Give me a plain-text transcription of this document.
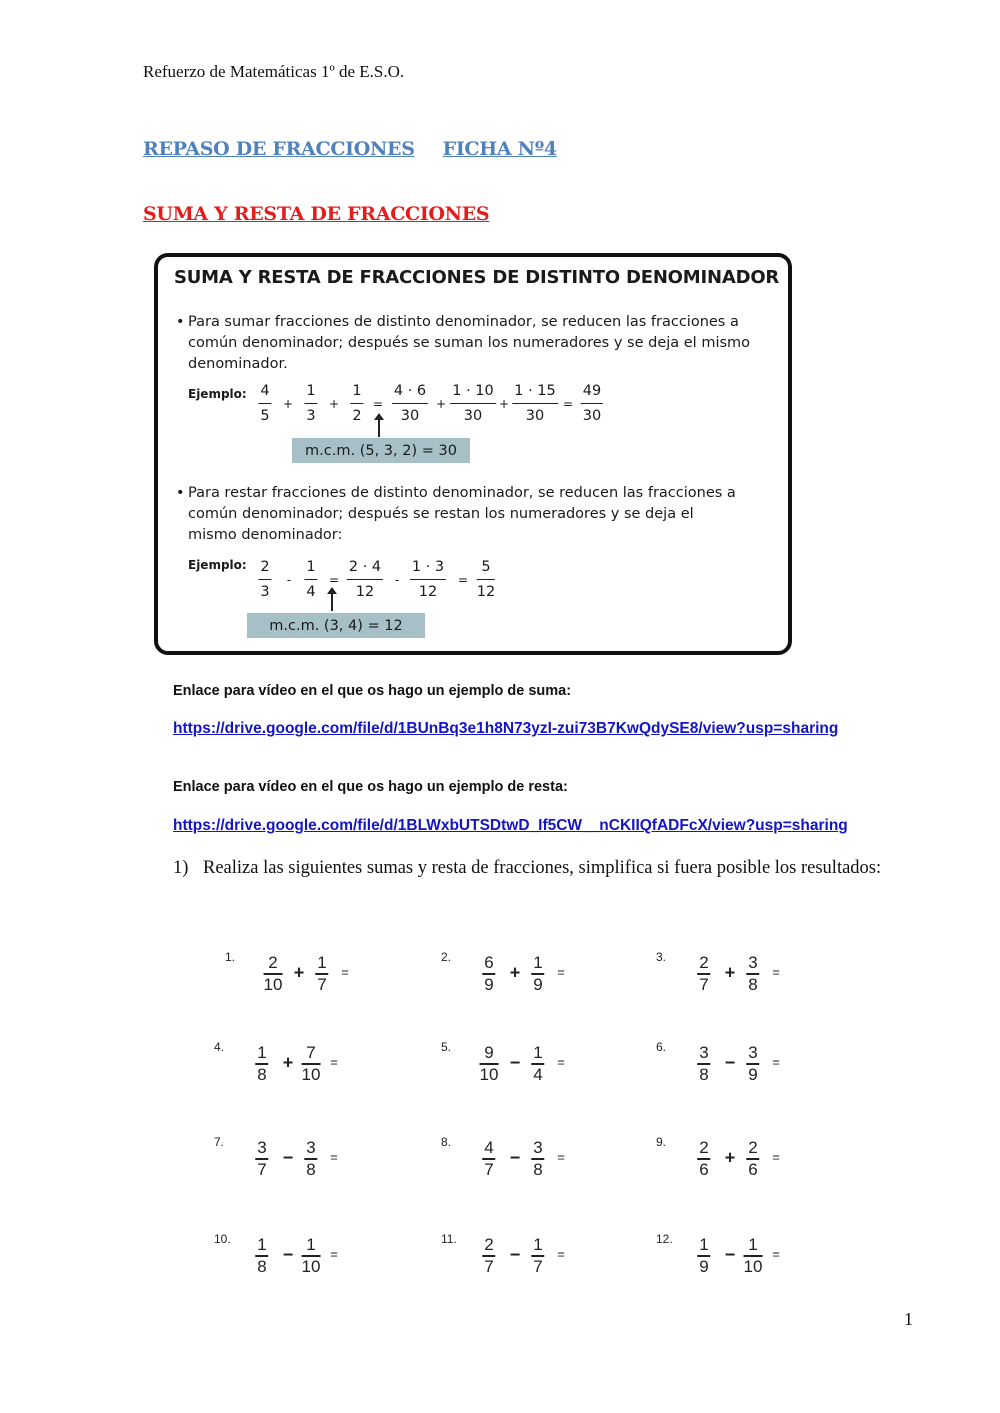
Refuerzo de Matemáticas 1º de E.S.O.
REPASO DE FRACCIONES FICHA Nº4
SUMA Y RESTA DE FRACCIONES
SUMA Y RESTA DE FRACCIONES DE DISTINTO DENOMINADOR
• Para sumar fracciones de distinto denominador, se reducen las fracciones a
común denominador; después se suman los numeradores y se deja el mismo
denominador.
Ejemplo: 4
5
1
3
1
2
4 · 6
30
1 · 10
30
1 · 15
30
49
30
+	+	=	+	+	=
m.c.m. (5, 3, 2) = 30
• Para restar fracciones de distinto denominador, se reducen las fracciones a
común denominador; después se restan los numeradores y se deja el
mismo denominador:
Ejemplo: 2
3
1
4
2 · 4
12
1 · 3
12
5
12
-	=	-	=
m.c.m. (3, 4) = 12
Enlace para vídeo en el que os hago un ejemplo de suma:
https://drive.google.com/file/d/1BUnBq3e1h8N73yzI-zui73B7KwQdySE8/view?usp=sharing
Enlace para vídeo en el que os hago un ejemplo de resta:
https://drive.google.com/file/d/1BLWxbUTSDtwD_If5CW__nCKIIQfADFcX/view?usp=sharing
1) Realiza las siguientes sumas y resta de fracciones, simplifica si fuera posible los resultados:
1. 2
10
+ 1
7
=
2. 6
9
+ 1
9
=
3. 2
7
+ 3
8
=
4. 1
8
+ 7
10
=
5. 9
10
− 1
4
=
6. 3
8
− 3
9
=
7. 3
7
− 3
8
=
8. 4
7
− 3
8
=
9. 2
6
+ 2
6
=
10. 1
8
− 1
10
=
11. 2
7
− 1
7
=
12. 1
9
− 1
10
=
1
